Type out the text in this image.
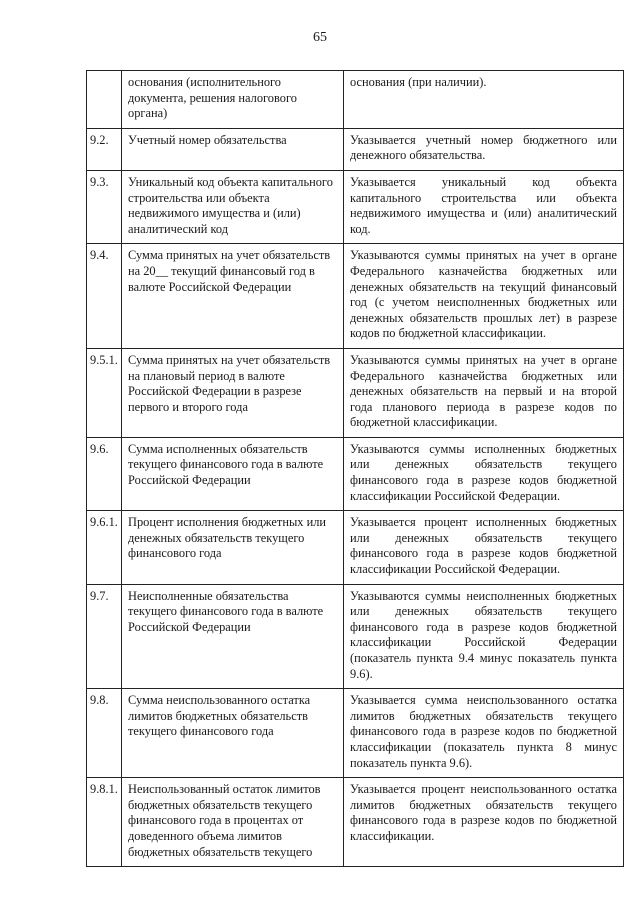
65
	основания (исполнительного документа, решения налогового органа)	основания (при наличии).
9.2.	Учетный номер обязательства	Указывается учетный номер бюджетного или денежного обязательства.
9.3.	Уникальный код объекта капитального строительства или объекта недвижимого имущества и (или) аналитический код	Указывается уникальный код объекта капитального строительства или объекта недвижимого имущества и (или) аналитический код.
9.4.	Сумма принятых на учет обязательств на 20__ текущий финансовый год в валюте Российской Федерации	Указываются суммы принятых на учет в органе Федерального казначейства бюджетных или денежных обязательств на текущий финансовый год (с учетом неисполненных бюджетных или денежных обязательств прошлых лет) в разрезе кодов по бюджетной классификации.
9.5.1.	Сумма принятых на учет обязательств на плановый период в валюте Российской Федерации в разрезе первого и второго года	Указываются суммы принятых на учет в органе Федерального казначейства бюджетных или денежных обязательств на первый и на второй года планового периода в разрезе кодов по бюджетной классификации.
9.6.	Сумма исполненных обязательств текущего финансового года в валюте Российской Федерации	Указываются суммы исполненных бюджетных или денежных обязательств текущего финансового года в разрезе кодов бюджетной классификации Российской Федерации.
9.6.1.	Процент исполнения бюджетных или денежных обязательств текущего финансового года	Указывается процент исполненных бюджетных или денежных обязательств текущего финансового года в разрезе кодов бюджетной классификации Российской Федерации.
9.7.	Неисполненные обязательства текущего финансового года в валюте Российской Федерации	Указываются суммы неисполненных бюджетных или денежных обязательств текущего финансового года в разрезе кодов бюджетной классификации Российской Федерации (показатель пункта 9.4 минус показатель пункта 9.6).
9.8.	Сумма неиспользованного остатка лимитов бюджетных обязательств текущего финансового года	Указывается сумма неиспользованного остатка лимитов бюджетных обязательств текущего финансового года в разрезе кодов по бюджетной классификации (показатель пункта 8 минус показатель пункта 9.6).
9.8.1.	Неиспользованный остаток лимитов бюджетных обязательств текущего финансового года в процентах от доведенного объема лимитов бюджетных обязательств текущего	Указывается процент неиспользованного остатка лимитов бюджетных обязательств текущего финансового года в разрезе кодов по бюджетной классификации.
